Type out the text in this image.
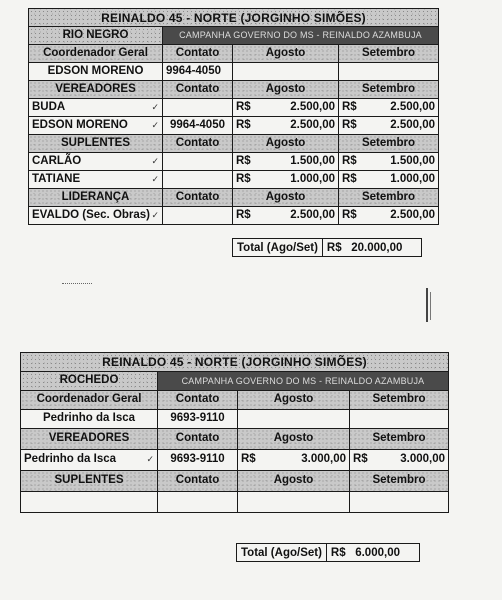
REINALDO 45 - NORTE (JORGINHO SIMÕES)			
RIO NEGRO	CAMPANHA GOVERNO DO MS - REINALDO AZAMBUJA		
Coordenador Geral	Contato	Agosto	Setembro
EDSON MORENO	9964-4050		
VEREADORES	Contato	Agosto	Setembro
BUDA ✓		R$ 2.500,00	R$ 2.500,00

EDSON MORENO ✓	9964-4050	R$ 2.500,00	R$ 2.500,00

SUPLENTES	Contato	Agosto	Setembro
CARLÃO ✓		R$ 1.500,00	R$ 1.500,00

TATIANE ✓		R$ 1.000,00	R$ 1.000,00

LIDERANÇA	Contato	Agosto	Setembro
EVALDO (Sec. Obras) ✓		R$ 2.500,00	R$ 2.500,00
Total (Ago/Set)	R$ 20.000,00
REINALDO 45 - NORTE (JORGINHO SIMÕES)			
ROCHEDO	CAMPANHA GOVERNO DO MS - REINALDO AZAMBUJA		
Coordenador Geral	Contato	Agosto	Setembro
Pedrinho da Isca	9693-9110		
VEREADORES	Contato	Agosto	Setembro
Pedrinho da Isca ✓	9693-9110	R$ 3.000,00	R$ 3.000,00

SUPLENTES	Contato	Agosto	Setembro

Total (Ago/Set)	R$ 6.000,00
